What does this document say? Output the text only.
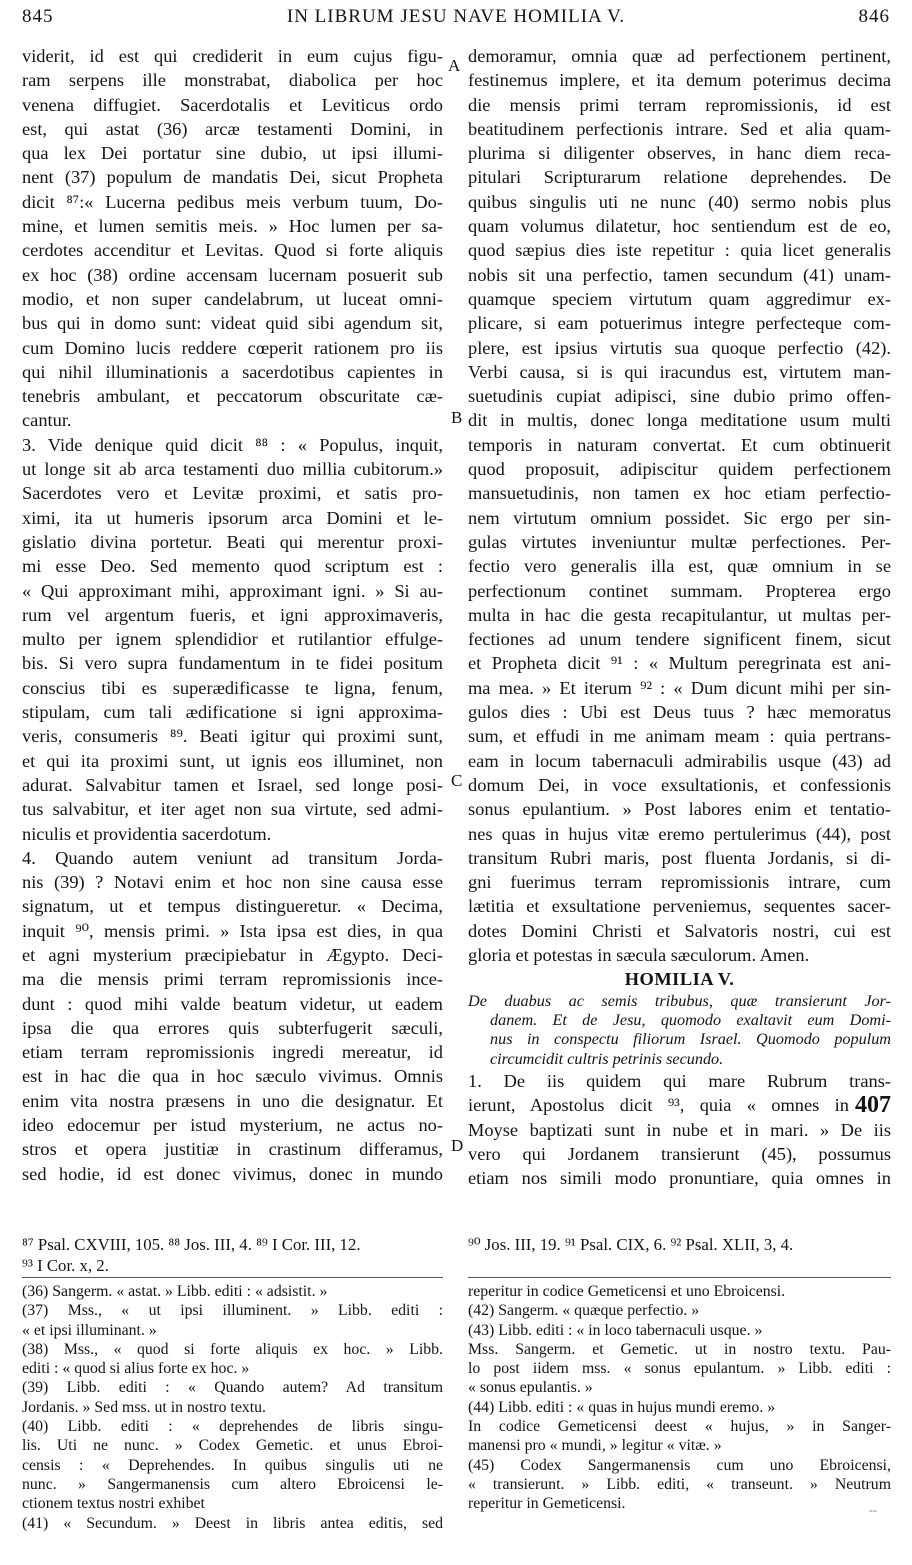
845	IN LIBRUM JESU NAVE HOMILIA V.	846
A
B
C
D
viderit, id est qui crediderit in eum cujus figu-
ram serpens ille monstrabat, diabolica per hoc
venena diffugiet. Sacerdotalis et Leviticus ordo
est, qui astat (36) arcæ testamenti Domini, in
qua lex Dei portatur sine dubio, ut ipsi illumi-
nent (37) populum de mandatis Dei, sicut Propheta
dicit ⁸⁷:« Lucerna pedibus meis verbum tuum, Do-
mine, et lumen semitis meis. » Hoc lumen per sa-
cerdotes accenditur et Levitas. Quod si forte aliquis
ex hoc (38) ordine accensam lucernam posuerit sub
modio, et non super candelabrum, ut luceat omni-
bus qui in domo sunt: videat quid sibi agendum sit,
cum Domino lucis reddere cœperit rationem pro iis
qui nihil illuminationis a sacerdotibus capientes in
tenebris ambulant, et peccatorum obscuritate cæ-
cantur.
3. Vide denique quid dicit ⁸⁸ : « Populus, inquit,
ut longe sit ab arca testamenti duo millia cubitorum.»
Sacerdotes vero et Levitæ proximi, et satis pro-
ximi, ita ut humeris ipsorum arca Domini et le-
gislatio divina portetur. Beati qui merentur proxi-
mi esse Deo. Sed memento quod scriptum est :
« Qui approximant mihi, approximant igni. » Si au-
rum vel argentum fueris, et igni approximaveris,
multo per ignem splendidior et rutilantior effulge-
bis. Si vero supra fundamentum in te fidei positum
conscius tibi es superædificasse te ligna, fenum,
stipulam, cum tali ædificatione si igni approxima-
veris, consumeris ⁸⁹. Beati igitur qui proximi sunt,
et qui ita proximi sunt, ut ignis eos illuminet, non
adurat. Salvabitur tamen et Israel, sed longe posi-
tus salvabitur, et iter aget non sua virtute, sed admi-
niculis et providentia sacerdotum.
4. Quando autem veniunt ad transitum Jorda-
nis (39) ? Notavi enim et hoc non sine causa esse
signatum, ut et tempus distingueretur. « Decima,
inquit ⁹⁰, mensis primi. » Ista ipsa est dies, in qua
et agni mysterium præcipiebatur in Ægypto. Deci-
ma die mensis primi terram repromissionis ince-
dunt : quod mihi valde beatum videtur, ut eadem
ipsa die qua errores quis subterfugerit sæculi,
etiam terram repromissionis ingredi mereatur, id
est in hac die qua in hoc sæculo vivimus. Omnis
enim vita nostra præsens in uno die designatur. Et
ideo edocemur per istud mysterium, ne actus no-
stros et opera justitiæ in crastinum differamus,
sed hodie, id est donec vivimus, donec in mundo
demoramur, omnia quæ ad perfectionem pertinent,
festinemus implere, et ita demum poterimus decima
die mensis primi terram repromissionis, id est
beatitudinem perfectionis intrare. Sed et alia quam-
plurima si diligenter observes, in hanc diem reca-
pitulari Scripturarum relatione deprehendes. De
quibus singulis uti ne nunc (40) sermo nobis plus
quam volumus dilatetur, hoc sentiendum est de eo,
quod sæpius dies iste repetitur : quia licet generalis
nobis sit una perfectio, tamen secundum (41) unam-
quamque speciem virtutum quam aggredimur ex-
plicare, si eam potuerimus integre perfecteque com-
plere, est ipsius virtutis sua quoque perfectio (42).
Verbi causa, si is qui iracundus est, virtutem man-
suetudinis cupiat adipisci, sine dubio primo offen-
dit in multis, donec longa meditatione usum multi
temporis in naturam convertat. Et cum obtinuerit
quod proposuit, adipiscitur quidem perfectionem
mansuetudinis, non tamen ex hoc etiam perfectio-
nem virtutum omnium possidet. Sic ergo per sin-
gulas virtutes inveniuntur multæ perfectiones. Per-
fectio vero generalis illa est, quæ omnium in se
perfectionum continet summam. Propterea ergo
multa in hac die gesta recapitulantur, ut multas per-
fectiones ad unum tendere significent finem, sicut
et Propheta dicit ⁹¹ : « Multum peregrinata est ani-
ma mea. » Et iterum ⁹² : « Dum dicunt mihi per sin-
gulos dies : Ubi est Deus tuus ? hæc memoratus
sum, et effudi in me animam meam : quia pertrans-
eam in locum tabernaculi admirabilis usque (43) ad
domum Dei, in voce exsultationis, et confessionis
sonus epulantium. » Post labores enim et tentatio-
nes quas in hujus vitæ eremo pertulerimus (44), post
transitum Rubri maris, post fluenta Jordanis, si di-
gni fuerimus terram repromissionis intrare, cum
lætitia et exsultatione perveniemus, sequentes sacer-
dotes Domini Christi et Salvatoris nostri, cui est
gloria et potestas in sæcula sæculorum. Amen.
HOMILIA V.
De duabus ac semis tribubus, quæ transierunt Jor-
danem. Et de Jesu, quomodo exaltavit eum Domi-
nus in conspectu filiorum Israel. Quomodo populum
circumcidit cultris petrinis secundo.
1. De iis quidem qui mare Rubrum trans-
407
ierunt, Apostolus dicit ⁹³, quia « omnes in
Moyse baptizati sunt in nube et in mari. » De iis
vero qui Jordanem transierunt (45), possumus
etiam nos simili modo pronuntiare, quia omnes in
⁸⁷ Psal. CXVIII, 105. ⁸⁸ Jos. III, 4. ⁸⁹ I Cor. III, 12.
⁹³ I Cor. x, 2.
⁹⁰ Jos. III, 19. ⁹¹ Psal. CIX, 6. ⁹² Psal. XLII, 3, 4.
(36) Sangerm. « astat. » Libb. editi : « adsistit. »
(37) Mss., « ut ipsi illuminent. » Libb. editi :
« et ipsi illuminant. »
(38) Mss., « quod si forte aliquis ex hoc. » Libb.
editi : « quod si alius forte ex hoc. »
(39) Libb. editi : « Quando autem? Ad transitum
Jordanis. » Sed mss. ut in nostro textu.
(40) Libb. editi : « deprehendes de libris singu-
lis. Uti ne nunc. » Codex Gemetic. et unus Ebroi-
censis : « Deprehendes. In quibus singulis uti ne
nunc. » Sangermanensis cum altero Ebroicensi le-
ctionem textus nostri exhibet
(41) « Secundum. » Deest in libris antea editis, sed
reperitur in codice Gemeticensi et uno Ebroicensi.
(42) Sangerm. « quæque perfectio. »
(43) Libb. editi : « in loco tabernaculi usque. »
Mss. Sangerm. et Gemetic. ut in nostro textu. Pau-
lo post iidem mss. « sonus epulantum. » Libb. editi :
« sonus epulantis. »
(44) Libb. editi : « quas in hujus mundi eremo. »
In codice Gemeticensi deest « hujus, » in Sanger-
manensi pro « mundi, » legitur « vitæ. »
(45) Codex Sangermanensis cum uno Ebroicensi,
« transierunt. » Libb. editi, « transeunt. » Neutrum
reperitur in Gemeticensi.	--
